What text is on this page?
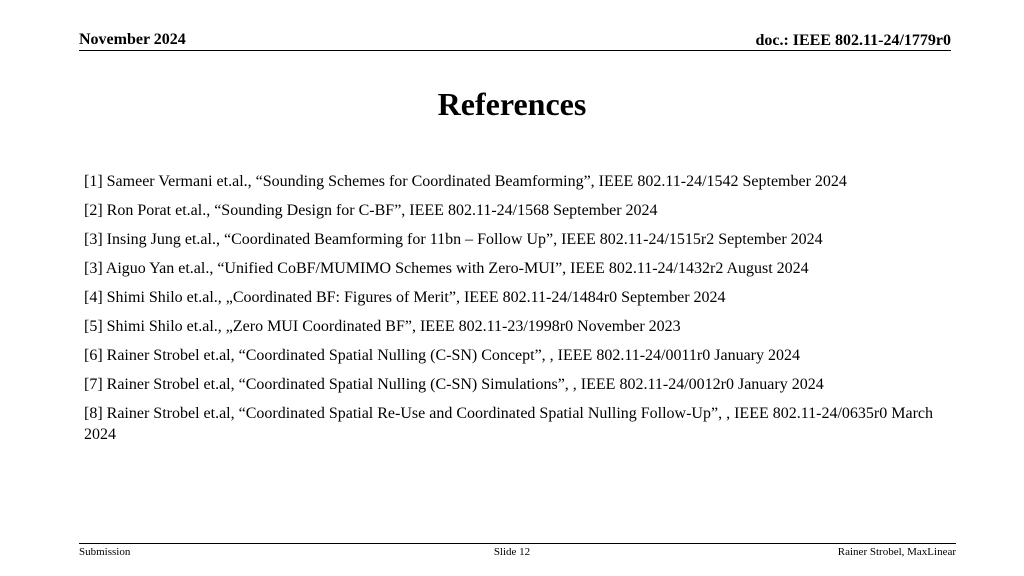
November 2024	doc.: IEEE 802.11-24/1779r0
References
[1] Sameer Vermani et.al., “Sounding Schemes for Coordinated Beamforming”, IEEE 802.11-24/1542 September 2024
[2] Ron Porat et.al., “Sounding Design for C-BF”, IEEE 802.11-24/1568 September 2024
[3] Insing Jung et.al., “Coordinated Beamforming for 11bn – Follow Up”, IEEE 802.11-24/1515r2 September 2024
[3] Aiguo Yan et.al., “Unified CoBF/MUMIMO Schemes with Zero-MUI”, IEEE 802.11-24/1432r2 August 2024
[4] Shimi Shilo et.al., „Coordinated BF: Figures of Merit”, IEEE 802.11-24/1484r0 September 2024
[5] Shimi Shilo et.al., „Zero MUI Coordinated BF”, IEEE 802.11-23/1998r0 November 2023
[6] Rainer Strobel et.al, “Coordinated Spatial Nulling (C-SN) Concept”, , IEEE 802.11-24/0011r0 January 2024
[7] Rainer Strobel et.al, “Coordinated Spatial Nulling (C-SN) Simulations”, , IEEE 802.11-24/0012r0 January 2024
[8] Rainer Strobel et.al, “Coordinated Spatial Re-Use and Coordinated Spatial Nulling Follow-Up”, , IEEE 802.11-24/0635r0 March 2024
Submission	Slide 12	Rainer Strobel, MaxLinear
